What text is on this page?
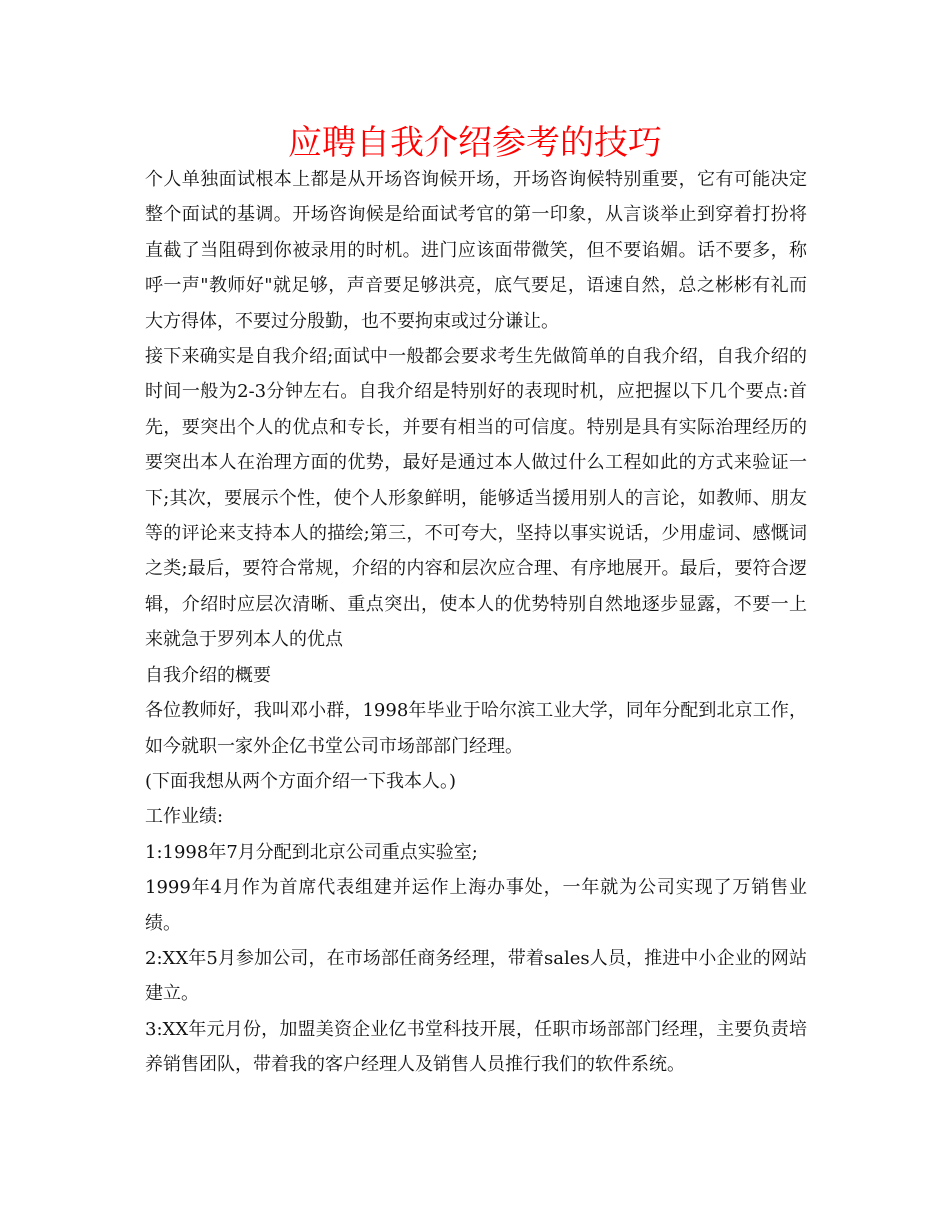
应聘自我介绍参考的技巧

个人单独面试根本上都是从开场咨询候开场，开场咨询候特别重要，它有可能决定整个面试的基调。开场咨询候是给面试考官的第一印象，从言谈举止到穿着打扮将直截了当阻碍到你被录用的时机。进门应该面带微笑，但不要谄媚。话不要多，称呼一声"教师好"就足够，声音要足够洪亮，底气要足，语速自然，总之彬彬有礼而大方得体，不要过分殷勤，也不要拘束或过分谦让。

接下来确实是自我介绍;面试中一般都会要求考生先做简单的自我介绍，自我介绍的时间一般为2-3分钟左右。自我介绍是特别好的表现时机，应把握以下几个要点:首先，要突出个人的优点和专长，并要有相当的可信度。特别是具有实际治理经历的要突出本人在治理方面的优势，最好是通过本人做过什么工程如此的方式来验证一下;其次，要展示个性，使个人形象鲜明，能够适当援用别人的言论，如教师、朋友等的评论来支持本人的描绘;第三，不可夸大，坚持以事实说话，少用虚词、感慨词之类;最后，要符合常规，介绍的内容和层次应合理、有序地展开。最后，要符合逻辑，介绍时应层次清晰、重点突出，使本人的优势特别自然地逐步显露，不要一上来就急于罗列本人的优点

自我介绍的概要

各位教师好，我叫邓小群，1998年毕业于哈尔滨工业大学，同年分配到北京工作，如今就职一家外企亿书堂公司市场部部门经理。

(下面我想从两个方面介绍一下我本人。)

工作业绩:

1:1998年7月分配到北京公司重点实验室;

1999年4月作为首席代表组建并运作上海办事处，一年就为公司实现了万销售业绩。

2:XX年5月参加公司，在市场部任商务经理，带着sales人员，推进中小企业的网站建立。

3:XX年元月份，加盟美资企业亿书堂科技开展，任职市场部部门经理，主要负责培养销售团队，带着我的客户经理人及销售人员推行我们的软件系统。
